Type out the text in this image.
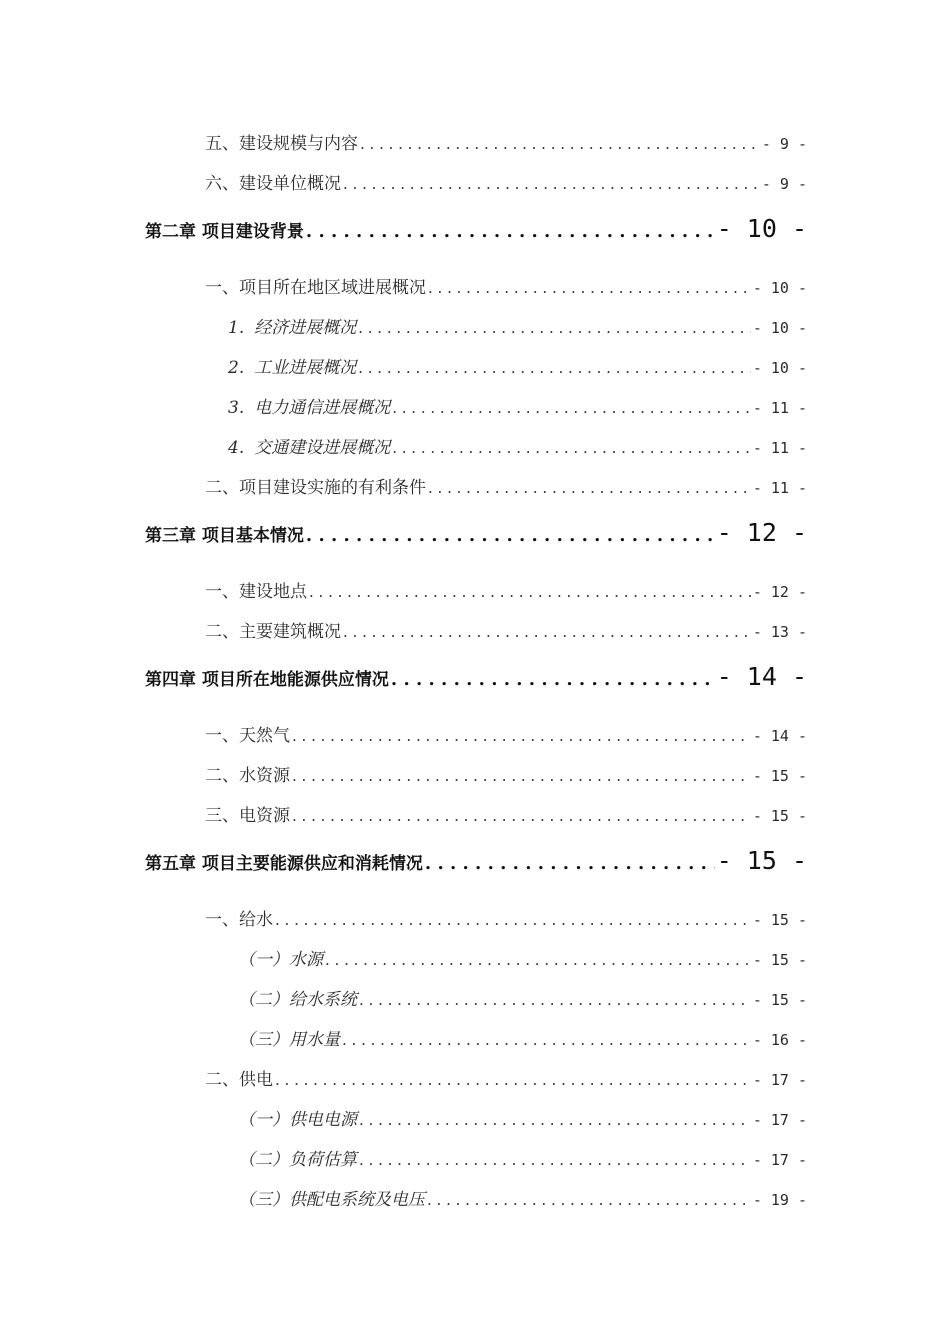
五、建设规模与内容 . . .	- 9 -
六、建设单位概况 . . .	- 9 -
第二章 项目建设背景 . . .	- 10 -
一、项目所在地区域进展概况 . . .	- 10 -
1. 经济进展概况 . . .	- 10 -
2. 工业进展概况 . . .	- 10 -
3. 电力通信进展概况 . . .	- 11 -
4. 交通建设进展概况 . . .	- 11 -
二、项目建设实施的有利条件 . . .	- 11 -
第三章 项目基本情况 . . .	- 12 -
一、建设地点 . . .	- 12 -
二、主要建筑概况 . . .	- 13 -
第四章 项目所在地能源供应情况 . . .	- 14 -
一、天然气 . . .	- 14 -
二、水资源 . . .	- 15 -
三、电资源 . . .	- 15 -
第五章 项目主要能源供应和消耗情况 . . .	- 15 -
一、给水 . . .	- 15 -
（一）水源 . . .	- 15 -
（二）给水系统 . . .	- 15 -
（三）用水量 . . .	- 16 -
二、供电 . . .	- 17 -
（一）供电电源 . . .	- 17 -
（二）负荷估算 . . .	- 17 -
（三）供配电系统及电压 . . .	- 19 -
